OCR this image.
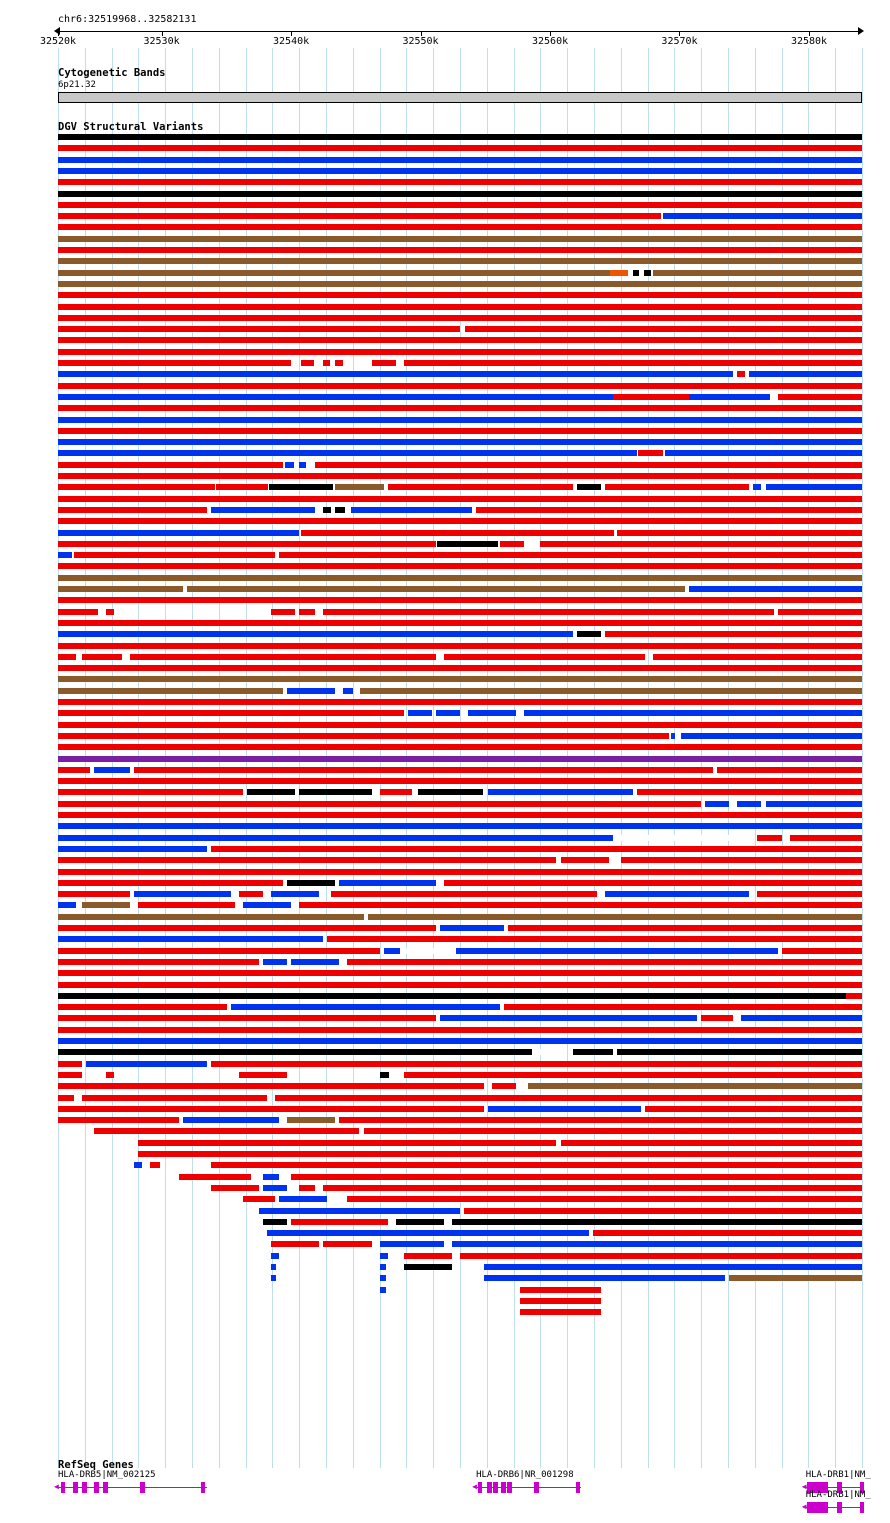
chr6:32519968..32582131
32520k	32530k	32540k	32550k	32560k	32570k	32580k
Cytogenetic Bands
6p21.32
DGV Structural Variants
RefSeq Genes
HLA-DRB5|NM_002125
◀
HLA-DRB6|NR_001298
◀
HLA-DRB1|NM_
◀
HLA-DRB1|NM_
◀
